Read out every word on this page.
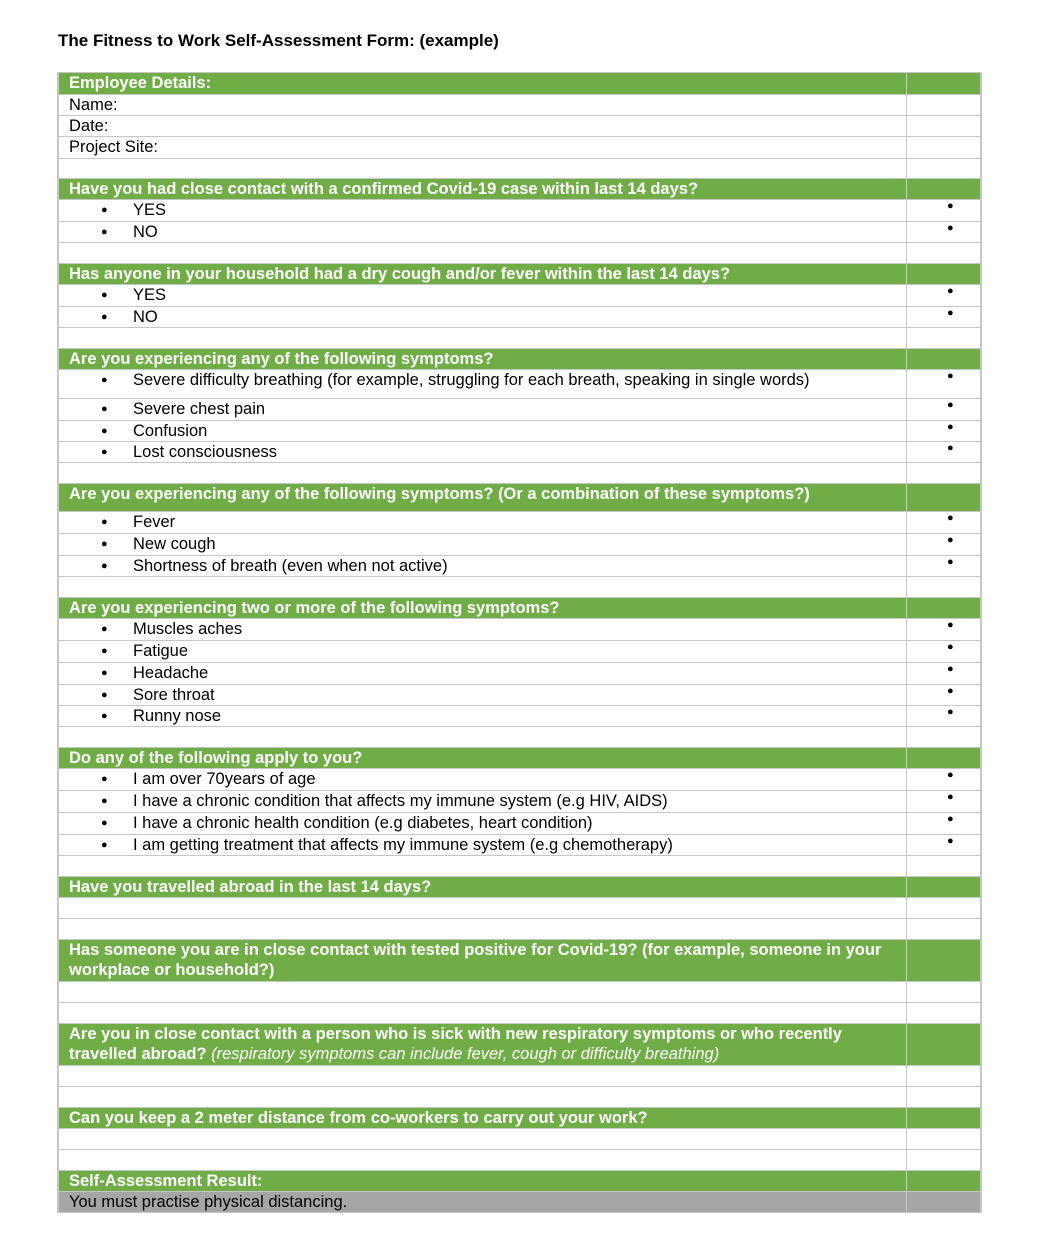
The Fitness to Work Self-Assessment Form: (example)
Employee Details:
Name:
Date:
Project Site:
Have you had close contact with a confirmed Covid-19 case within last 14 days?
● YES	●
● NO	●
Has anyone in your household had a dry cough and/or fever within the last 14 days?
● YES	●
● NO	●
Are you experiencing any of the following symptoms?
● Severe difficulty breathing (for example, struggling for each breath, speaking in single words)	●
● Severe chest pain	●
● Confusion	●
● Lost consciousness	●
Are you experiencing any of the following symptoms? (Or a combination of these symptoms?)
● Fever	●
● New cough	●
● Shortness of breath (even when not active)	●
Are you experiencing two or more of the following symptoms?
● Muscles aches	●
● Fatigue	●
● Headache	●
● Sore throat	●
● Runny nose	●
Do any of the following apply to you?
● I am over 70years of age	●
● I have a chronic condition that affects my immune system (e.g HIV, AIDS)	●
● I have a chronic health condition (e.g diabetes, heart condition)	●
● I am getting treatment that affects my immune system (e.g chemotherapy)	●
Have you travelled abroad in the last 14 days?
Has someone you are in close contact with tested positive for Covid-19? (for example, someone in your workplace or household?)
Are you in close contact with a person who is sick with new respiratory symptoms or who recently travelled abroad? (respiratory symptoms can include fever, cough or difficulty breathing)
Can you keep a 2 meter distance from co-workers to carry out your work?
Self-Assessment Result:
You must practise physical distancing.
